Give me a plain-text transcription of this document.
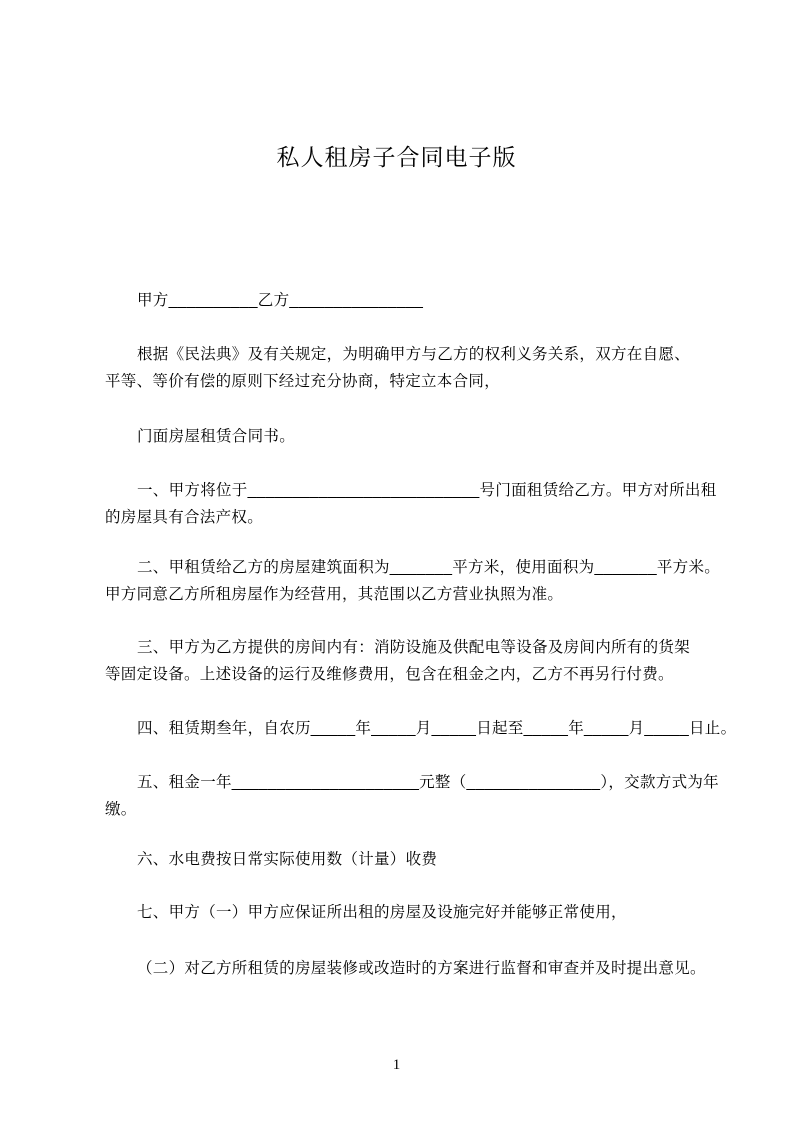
私人租房子合同电子版
甲方__________乙方_______________
根据《民法典》及有关规定，为明确甲方与乙方的权利义务关系，双方在自愿、
平等、等价有偿的原则下经过充分协商，特定立本合同，
门面房屋租赁合同书。
一、甲方将位于__________________________号门面租赁给乙方。甲方对所出租
的房屋具有合法产权。
二、甲租赁给乙方的房屋建筑面积为_______平方米，使用面积为_______平方米。
甲方同意乙方所租房屋作为经营用，其范围以乙方营业执照为准。
三、甲方为乙方提供的房间内有：消防设施及供配电等设备及房间内所有的货架
等固定设备。上述设备的运行及维修费用，包含在租金之内，乙方不再另行付费。
四、租赁期叁年，自农历_____年_____月_____日起至_____年_____月_____日止。
五、租金一年_____________________元整（_______________），交款方式为年
缴。
六、水电费按日常实际使用数（计量）收费
七、甲方（一）甲方应保证所出租的房屋及设施完好并能够正常使用，
（二）对乙方所租赁的房屋装修或改造时的方案进行监督和审查并及时提出意见。
1
